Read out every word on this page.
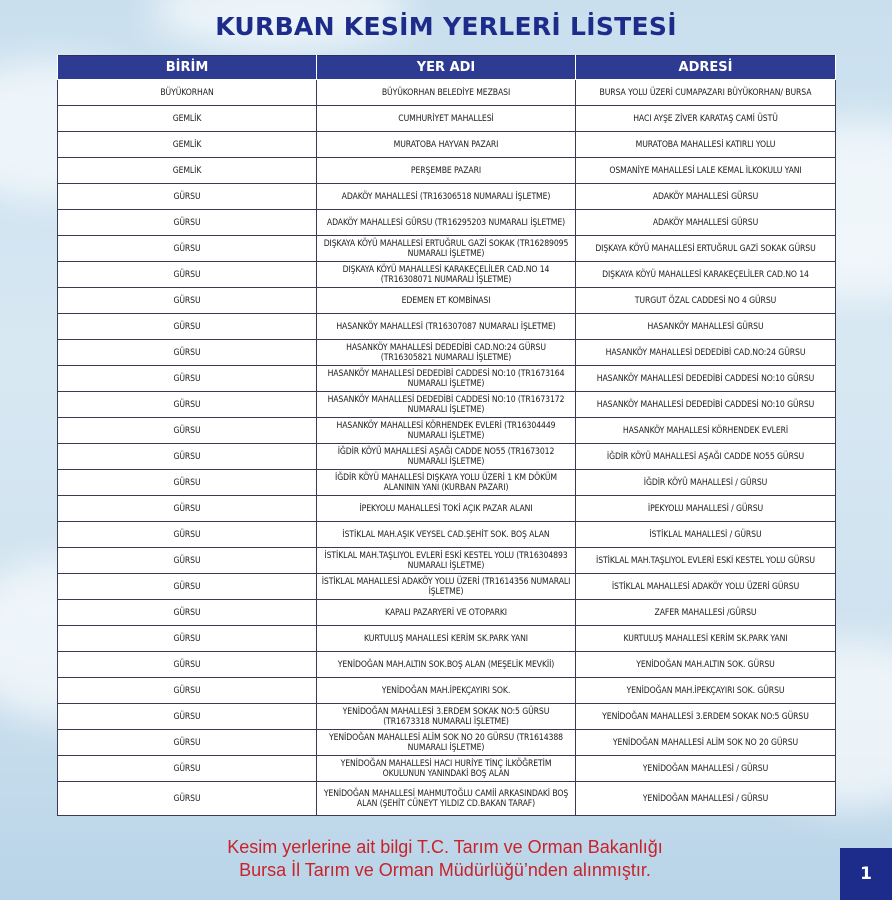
KURBAN KESİM YERLERİ LİSTESİ
BİRİM	YER ADI	ADRESİ
BÜYÜKORHAN	BÜYÜKORHAN BELEDİYE MEZBASI	BURSA YOLU ÜZERİ CUMAPAZARI BÜYÜKORHAN/ BURSA
GEMLİK	CUMHURİYET MAHALLESİ	HACI AYŞE ZİVER KARATAŞ CAMİ ÜSTÜ
GEMLİK	MURATOBA HAYVAN PAZARI	MURATOBA MAHALLESİ KATIRLI YOLU
GEMLİK	PERŞEMBE PAZARI	OSMANİYE MAHALLESİ LALE KEMAL İLKOKULU YANI
GÜRSU	ADAKÖY MAHALLESİ (TR16306518 NUMARALI İŞLETME)	ADAKÖY MAHALLESİ GÜRSU
GÜRSU	ADAKÖY MAHALLESİ GÜRSU (TR16295203 NUMARALI İŞLETME)	ADAKÖY MAHALLESİ GÜRSU
GÜRSU	DIŞKAYA KÖYÜ MAHALLESİ ERTUĞRUL GAZİ SOKAK (TR16289095 NUMARALI İŞLETME)	DIŞKAYA KÖYÜ MAHALLESİ ERTUĞRUL GAZİ SOKAK GÜRSU
GÜRSU	DIŞKAYA KÖYÜ MAHALLESİ KARAKEÇELİLER CAD.NO 14 (TR16308071 NUMARALI İŞLETME)	DIŞKAYA KÖYÜ MAHALLESİ KARAKEÇELİLER CAD.NO 14
GÜRSU	EDEMEN ET KOMBİNASI	TURGUT ÖZAL CADDESİ NO 4 GÜRSU
GÜRSU	HASANKÖY MAHALLESİ (TR16307087 NUMARALI İŞLETME)	HASANKÖY MAHALLESİ GÜRSU
GÜRSU	HASANKÖY MAHALLESİ DEDEDİBİ CAD.NO:24 GÜRSU (TR16305821 NUMARALI İŞLETME)	HASANKÖY MAHALLESİ DEDEDİBİ CAD.NO:24 GÜRSU
GÜRSU	HASANKÖY MAHALLESİ DEDEDİBİ CADDESİ NO:10 (TR1673164 NUMARALI İŞLETME)	HASANKÖY MAHALLESİ DEDEDİBİ CADDESİ NO:10 GÜRSU
GÜRSU	HASANKÖY MAHALLESİ DEDEDİBİ CADDESİ NO:10 (TR1673172 NUMARALI İŞLETME)	HASANKÖY MAHALLESİ DEDEDİBİ CADDESİ NO:10 GÜRSU
GÜRSU	HASANKÖY MAHALLESİ KÖRHENDEK EVLERİ (TR16304449 NUMARALI İŞLETME)	HASANKÖY MAHALLESİ KÖRHENDEK EVLERİ
GÜRSU	İĞDİR KÖYÜ MAHALLESİ AŞAĞI CADDE NO55 (TR1673012 NUMARALI İŞLETME)	İĞDİR KÖYÜ MAHALLESİ AŞAĞI CADDE NO55 GÜRSU
GÜRSU	İĞDİR KÖYÜ MAHALLESİ DIŞKAYA YOLU ÜZERİ 1 KM DÖKÜM ALANININ YANI (KURBAN PAZARI)	İĞDİR KÖYÜ MAHALLESİ / GÜRSU
GÜRSU	İPEKYOLU MAHALLESİ TOKİ AÇIK PAZAR ALANI	İPEKYOLU MAHALLESİ / GÜRSU
GÜRSU	İSTİKLAL MAH.AŞIK VEYSEL CAD.ŞEHİT SOK. BOŞ ALAN	İSTİKLAL MAHALLESİ / GÜRSU
GÜRSU	İSTİKLAL MAH.TAŞLIYOL EVLERİ ESKİ KESTEL YOLU (TR16304893 NUMARALI İŞLETME)	İSTİKLAL MAH.TAŞLIYOL EVLERİ ESKİ KESTEL YOLU GÜRSU
GÜRSU	İSTİKLAL MAHALLESİ ADAKÖY YOLU ÜZERİ (TR1614356 NUMARALI İŞLETME)	İSTİKLAL MAHALLESİ ADAKÖY YOLU ÜZERİ GÜRSU
GÜRSU	KAPALI PAZARYERİ VE OTOPARKI	ZAFER MAHALLESİ /GÜRSU
GÜRSU	KURTULUŞ MAHALLESİ KERİM SK.PARK YANI	KURTULUŞ MAHALLESİ KERİM SK.PARK YANI
GÜRSU	YENİDOĞAN MAH.ALTIN SOK.BOŞ ALAN (MEŞELİK MEVKİİ)	YENİDOĞAN MAH.ALTIN SOK. GÜRSU
GÜRSU	YENİDOĞAN MAH.İPEKÇAYIRI SOK.	YENİDOĞAN MAH.İPEKÇAYIRI SOK. GÜRSU
GÜRSU	YENİDOĞAN MAHALLESİ 3.ERDEM SOKAK NO:5 GÜRSU (TR1673318 NUMARALI İŞLETME)	YENİDOĞAN MAHALLESİ 3.ERDEM SOKAK NO:5 GÜRSU
GÜRSU	YENİDOĞAN MAHALLESİ ALİM SOK NO 20 GÜRSU (TR1614388 NUMARALI İŞLETME)	YENİDOĞAN MAHALLESİ ALİM SOK NO 20 GÜRSU
GÜRSU	YENİDOĞAN MAHALLESİ HACI HURİYE TİNÇ İLKÖĞRETİM OKULUNUN YANINDAKİ BOŞ ALAN	YENİDOĞAN MAHALLESİ / GÜRSU
GÜRSU	YENİDOĞAN MAHALLESİ MAHMUTOĞLU CAMİİ ARKASINDAKİ BOŞ ALAN (ŞEHİT CÜNEYT YILDIZ CD.BAKAN TARAF)	YENİDOĞAN MAHALLESİ / GÜRSU
Kesim yerlerine ait bilgi T.C. Tarım ve Orman Bakanlığı
Bursa İl Tarım ve Orman Müdürlüğü’nden alınmıştır.	1
